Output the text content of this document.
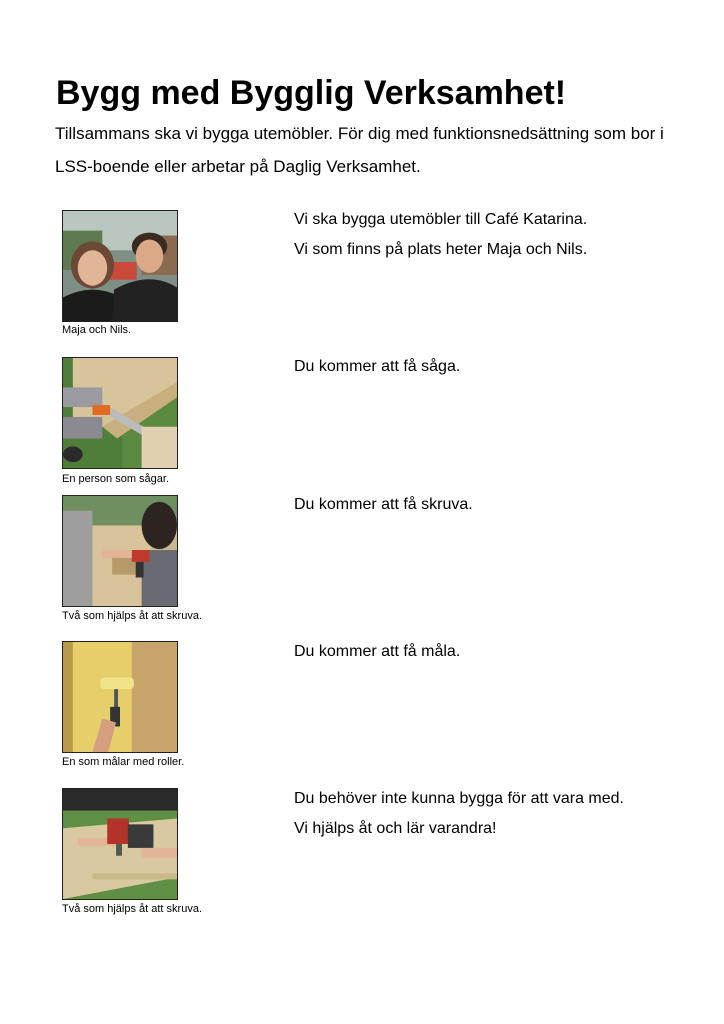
Bygg med Bygglig Verksamhet!

Tillsammans ska vi bygga utemöbler. För dig med funktionsnedsättning som bor i LSS-boende eller arbetar på Daglig Verksamhet.

Maja och Nils.
Vi ska bygga utemöbler till Café Katarina.
Vi som finns på plats heter Maja och Nils.
En person som sågar.
Du kommer att få såga.
Två som hjälps åt att skruva.
Du kommer att få skruva.
En som målar med roller.
Du kommer att få måla.
Två som hjälps åt att skruva.
Du behöver inte kunna bygga för att vara med.
Vi hjälps åt och lär varandra!
